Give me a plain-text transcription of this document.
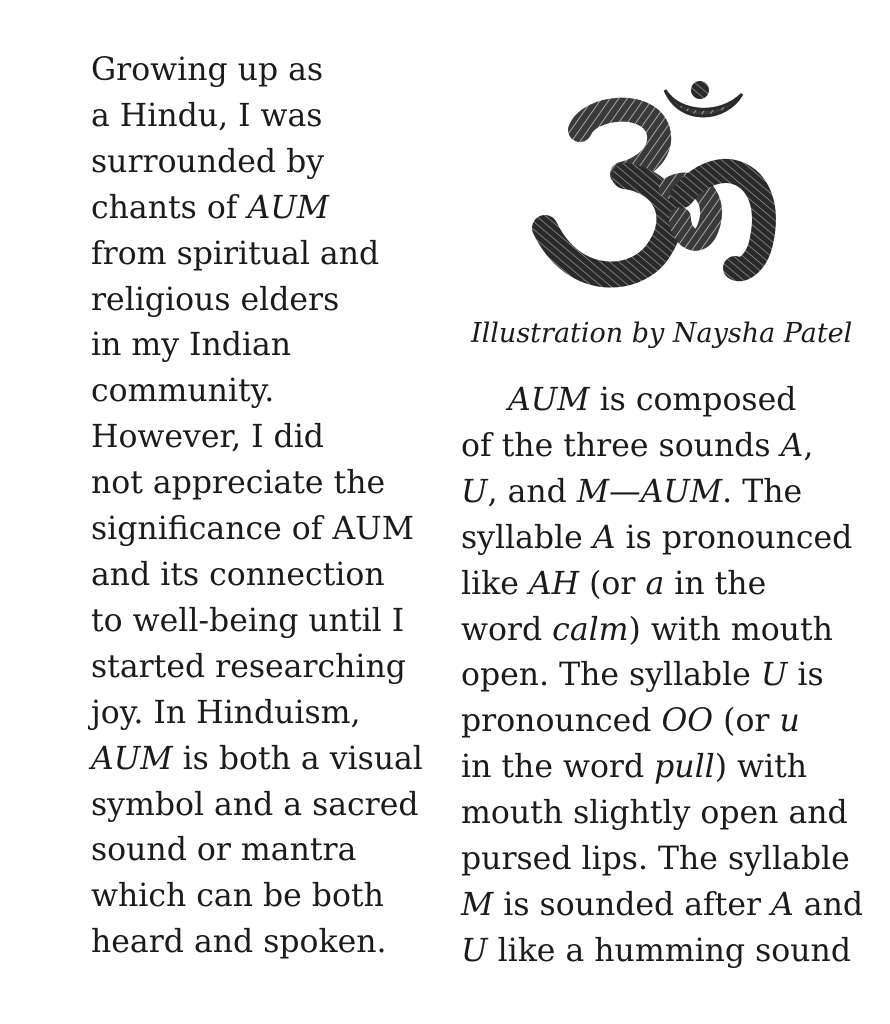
Growing up as
a Hindu, I was
surrounded by
chants of AUM
from spiritual and
religious elders
in my Indian
community.
However, I did
not appreciate the
significance of AUM
and its connection
to well-being until I
started researching
joy. In Hinduism,
AUM is both a visual
symbol and a sacred
sound or mantra
which can be both
heard and spoken.
Illustration by Naysha Patel
AUM is composed
of the three sounds A,
U, and M—AUM. The
syllable A is pronounced
like AH (or a in the
word calm) with mouth
open. The syllable U is
pronounced OO (or u
in the word pull) with
mouth slightly open and
pursed lips. The syllable
M is sounded after A and
U like a humming sound
